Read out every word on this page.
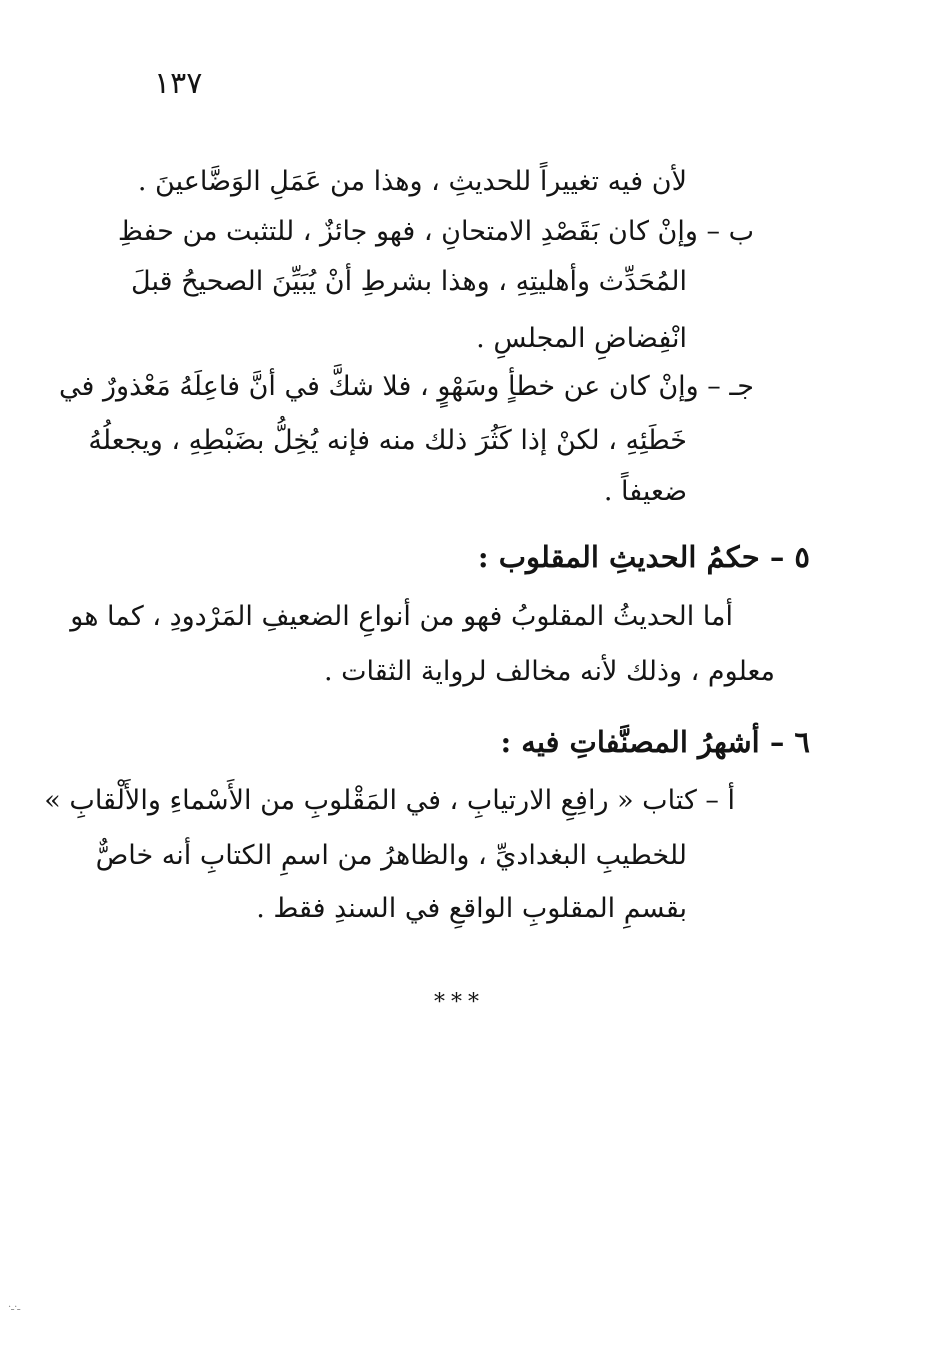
١٣٧
لأن فيه تغييراً للحديثِ ، وهذا من عَمَلِ الوَضَّاعينَ .
ب – وإنْ كان بَقَصْدِ الامتحانِ ، فهو جائزٌ ، للتثبت من حفظِ
المُحَدِّث وأهليتِهِ ، وهذا بشرطِ أنْ يُبَيِّنَ الصحيحُ قبلَ
انْفِضاضِ المجلسِ .
جـ – وإنْ كان عن خطأٍ وسَهْوٍ ، فلا شكَّ في أنَّ فاعِلَهُ مَعْذورٌ في
خَطَئِهِ ، لكنْ إذا كَثُرَ ذلك منه فإنه يُخِلُّ بضَبْطِهِ ، ويجعلُهُ
ضعيفاً .
٥ – حكمُ الحديثِ المقلوب :
أما الحديثُ المقلوبُ فهو من أنواعِ الضعيفِ المَرْدودِ ، كما هو
معلوم ، وذلك لأنه مخالف لرواية الثقات .
٦ – أشهرُ المصنَّفاتِ فيه :
أ – كتاب « رافِعِ الارتيابِ ، في المَقْلوبِ من الأَسْماءِ والأَلْقابِ »
للخطيبِ البغداديِّ ، والظاهرُ من اسمِ الكتابِ أنه خاصٌّ
بقسمِ المقلوبِ الواقعِ في السندِ فقط .
***
ـ·ـ·
